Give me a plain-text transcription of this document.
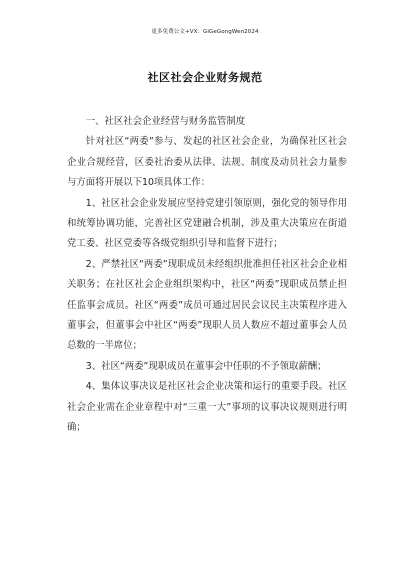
更多免费公文+VX：GiGeGongWen2024
社区社会企业财务规范

一、社区社会企业经营与财务监管制度

针对社区“两委”参与、发起的社区社会企业，为确保社区社会企业合规经营，区委社治委从法律、法规、制度及动员社会力量参与方面将开展以下10项具体工作：

1、社区社会企业发展应坚持党建引领原则，强化党的领导作用和统筹协调功能，完善社区党建融合机制，涉及重大决策应在街道党工委、社区党委等各级党组织引导和监督下进行；

2、严禁社区“两委”现职成员未经组织批准担任社区社会企业相关职务；在社区社会企业组织架构中，社区“两委”现职成员禁止担任监事会成员。社区“两委”成员可通过居民会议民主决策程序进入董事会，但董事会中社区“两委”现职人员人数应不超过董事会人员总数的一半席位；

3、社区“两委”现职成员在董事会中任职的不予领取薪酬；

4、集体议事决议是社区社会企业决策和运行的重要手段。社区社会企业需在企业章程中对“三重一大”事项的议事决议规则进行明确；
